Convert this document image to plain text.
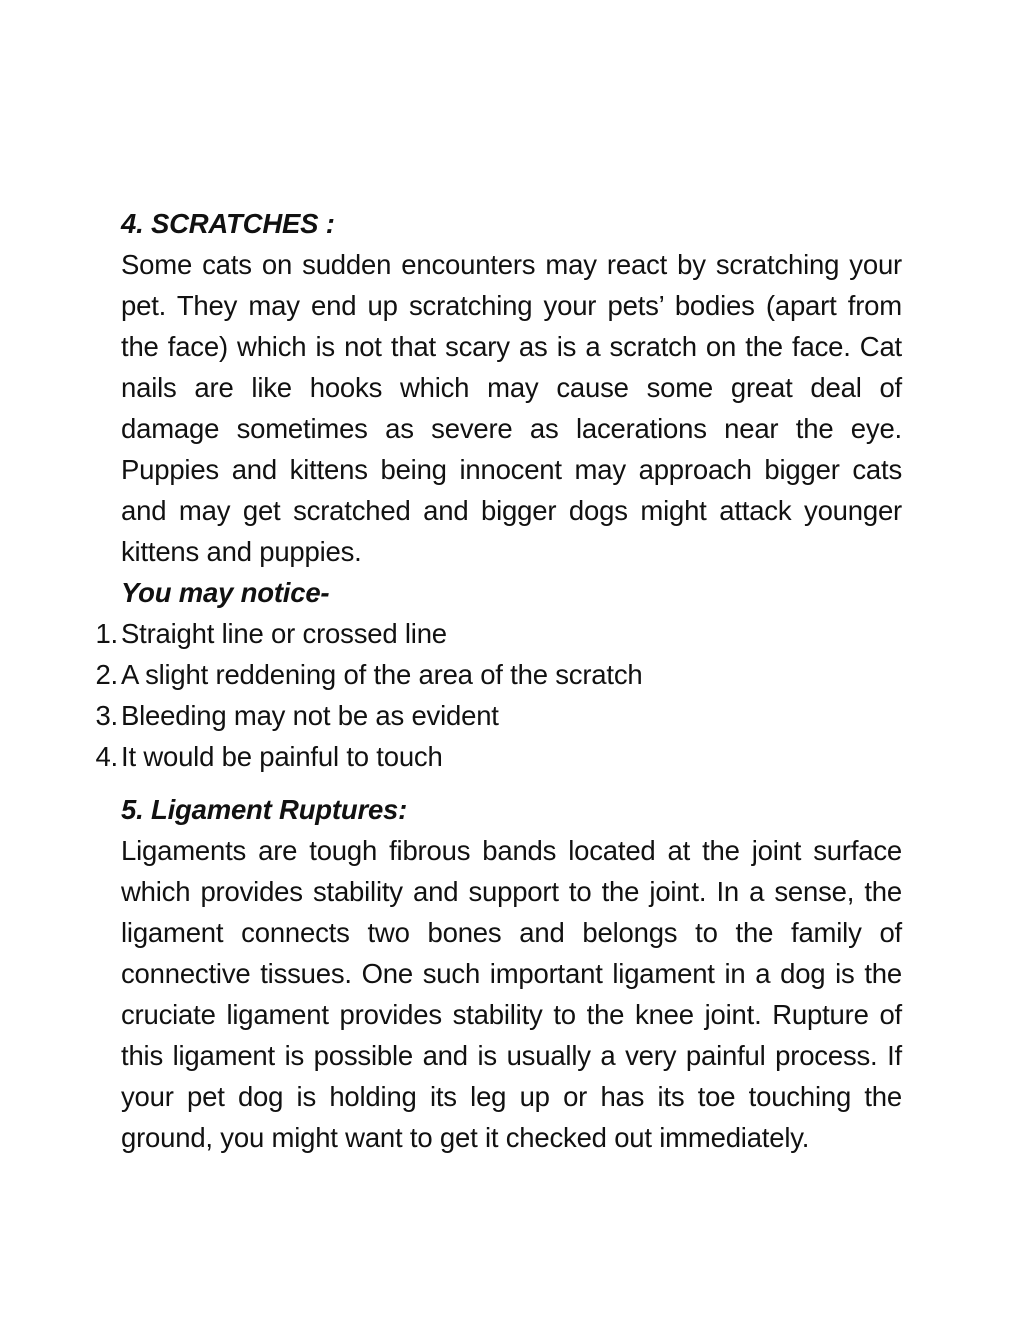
4. SCRATCHES :

Some cats on sudden encounters may react by scratching your pet. They may end up scratching your pets’ bodies (apart from the face) which is not that scary as is a scratch on the face. Cat nails are like hooks which may cause some great deal of damage sometimes as severe as lacerations near the eye. Puppies and kittens being innocent may approach bigger cats and may get scratched and bigger dogs might attack younger kittens and puppies.

You may notice-

1. Straight line or crossed line
2. A slight reddening of the area of the scratch
3. Bleeding may not be as evident
4. It would be painful to touch
5. Ligament Ruptures:

Ligaments are tough fibrous bands located at the joint surface which provides stability and support to the joint. In a sense, the ligament connects two bones and belongs to the family of connective tissues. One such important ligament in a dog is the cruciate ligament provides stability to the knee joint. Rupture of this ligament is possible and is usually a very painful process. If your pet dog is holding its leg up or has its toe touching the ground, you might want to get it checked out immediately.
